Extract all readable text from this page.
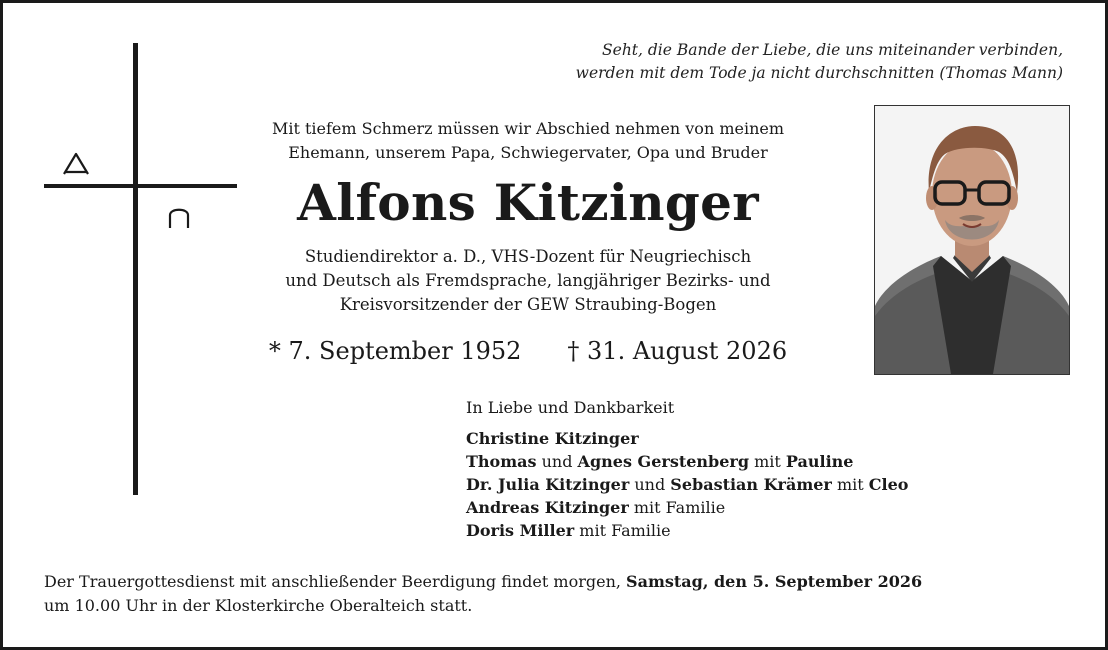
Seht, die Bande der Liebe, die uns miteinander verbinden,
werden mit dem Tode ja nicht durchschnitten (Thomas Mann)
Mit tiefem Schmerz müssen wir Abschied nehmen von meinem
Ehemann, unserem Papa, Schwiegervater, Opa und Bruder
Alfons Kitzinger
Studiendirektor a. D., VHS-Dozent für Neugriechisch
und Deutsch als Fremdsprache, langjähriger Bezirks- und
Kreisvorsitzender der GEW Straubing-Bogen
* 7. September 1952 † 31. August 2026
In Liebe und Dankbarkeit
Christine Kitzinger
Thomas und Agnes Gerstenberg mit Pauline
Dr. Julia Kitzinger und Sebastian Krämer mit Cleo
Andreas Kitzinger mit Familie
Doris Miller mit Familie
Der Trauergottesdienst mit anschließender Beerdigung findet morgen, Samstag, den 5. September 2026
um 10.00 Uhr in der Klosterkirche Oberalteich statt.
